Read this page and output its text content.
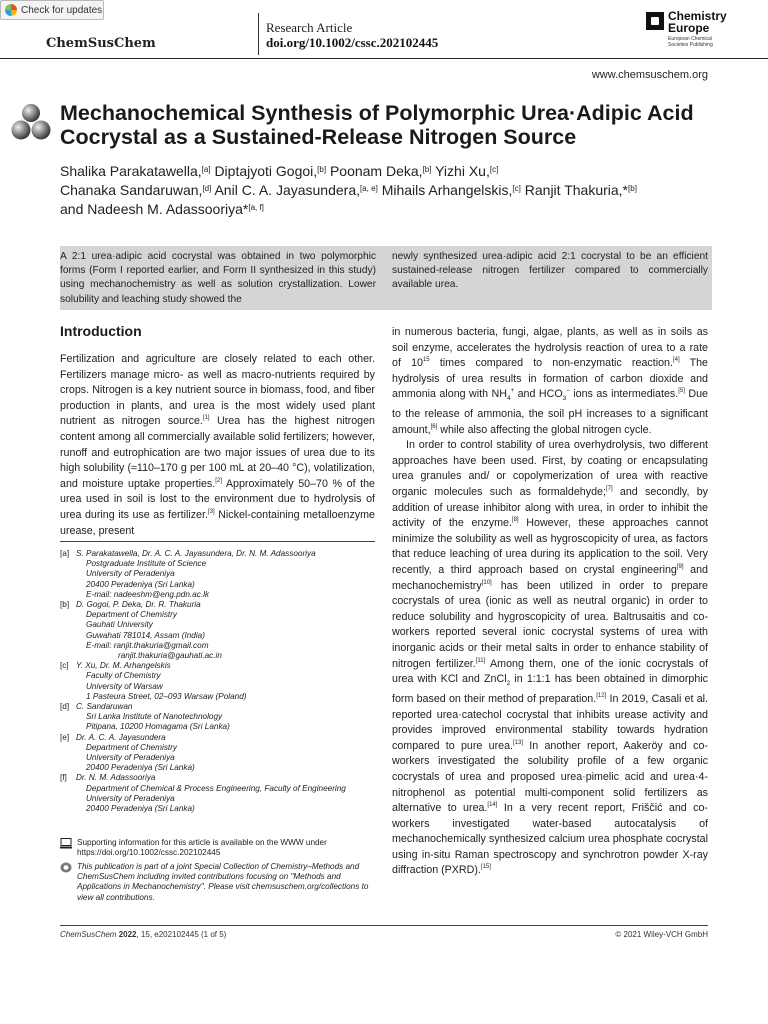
Check for updates
ChemSusChem
Research Article
doi.org/10.1002/cssc.202102445
Chemistry
Europe
European Chemical
Societies Publishing
www.chemsuschem.org
Mechanochemical Synthesis of Polymorphic Urea·Adipic Acid Cocrystal as a Sustained-Release Nitrogen Source
Shalika Parakatawella,[a] Diptajyoti Gogoi,[b] Poonam Deka,[b] Yizhi Xu,[c]
Chanaka Sandaruwan,[d] Anil C. A. Jayasundera,[a, e] Mihails Arhangelskis,[c] Ranjit Thakuria,*[b]
and Nadeesh M. Adassooriya*[a, f]

A 2:1 urea·adipic acid cocrystal was obtained in two polymorphic forms (Form I reported earlier, and Form II synthesized in this study) using mechanochemistry as well as solution crystallization. Lower solubility and leaching study showed the

newly synthesized urea·adipic acid 2:1 cocrystal to be an efficient sustained-release nitrogen fertilizer compared to commercially available urea.

Introduction

Fertilization and agriculture are closely related to each other. Fertilizers manage micro- as well as macro-nutrients required by crops. Nitrogen is a key nutrient source in biomass, food, and fiber production in plants, and urea is the most widely used plant nutrient as nitrogen source.[1] Urea has the highest nitrogen content among all commercially available solid fertilizers; however, runoff and eutrophication are two major issues of urea due to its high solubility (≈110–170 g per 100 mL at 20–40 °C), volatilization, and moisture uptake properties.[2] Approximately 50–70 % of the urea used in soil is lost to the environment due to hydrolysis of urea during its use as fertilizer.[3] Nickel-containing metalloenzyme urease, present

in numerous bacteria, fungi, algae, plants, as well as in soils as soil enzyme, accelerates the hydrolysis reaction of urea to a rate of $10^{15}$ times compared to non-enzymatic reaction.[4] The hydrolysis of urea results in formation of carbon dioxide and ammonia along with $NH_4^+$ and $HCO_3^-$ ions as intermediates.[5] Due to the release of ammonia, the soil pH increases to a significant amount,[6] while also affecting the global nitrogen cycle.

In order to control stability of urea overhydrolysis, two different approaches have been used. First, by coating or encapsulating urea granules and/ or copolymerization of urea with reactive organic molecules such as formaldehyde;[7] and secondly, by addition of urease inhibitor along with urea, in order to inhibit the activity of the enzyme.[8] However, these approaches cannot minimize the solubility as well as hygroscopicity of urea, as factors that reduce leaching of urea during its application to the soil. Very recently, a third approach based on crystal engineering[9] and mechanochemistry[10] has been utilized in order to prepare cocrystals of urea (ionic as well as neutral organic) in order to reduce solubility and hygroscopicity of urea. Baltrusaitis and co-workers reported several ionic cocrystal systems of urea with inorganic acids or their metal salts in order to enhance stability of nitrogen fertilizer.[11] Among them, one of the ionic cocrystals of urea with KCl and ZnCl$_2$ in 1:1:1 has been obtained in dimorphic form based on their method of preparation.[12] In 2019, Casali et al. reported urea·catechol cocrystal that inhibits urease activity and provides improved environmental stability towards hydration compared to pure urea.[13] In another report, Aakeröy and co-workers investigated the solubility profile of a few organic cocrystals of urea and proposed urea·pimelic acid and urea·4-nitrophenol as potential multi-component solid fertilizers as alternative to urea.[14] In a very recent report, Friščić and co-workers investigated water-based autocatalysis of mechanochemically synthesized calcium urea phosphate cocrystal using in-situ Raman spectroscopy and synchrotron powder X-ray diffraction (PXRD).[15]

[a] S. Parakatawella, Dr. A. C. A. Jayasundera, Dr. N. M. Adassooriya
Postgraduate Institute of Science
University of Peradeniya
20400 Peradeniya (Sri Lanka)
E-mail: nadeeshm@eng.pdn.ac.lk
[b] D. Gogoi, P. Deka, Dr. R. Thakuria
Department of Chemistry
Gauhati University
Guwahati 781014, Assam (India)
E-mail: ranjit.thakuria@gmail.com
ranjit.thakuria@gauhati.ac.in
[c] Y. Xu, Dr. M. Arhangelskis
Faculty of Chemistry
University of Warsaw
1 Pasteura Street, 02–093 Warsaw (Poland)
[d] C. Sandaruwan
Sri Lanka Institute of Nanotechnology
Pitipana, 10200 Homagama (Sri Lanka)
[e] Dr. A. C. A. Jayasundera
Department of Chemistry
University of Peradeniya
20400 Peradeniya (Sri Lanka)
[f]	Dr. N. M. Adassooriya
Department of Chemical & Process Engineering, Faculty of Engineering
University of Peradeniya
20400 Peradeniya (Sri Lanka)
Supporting information for this article is available on the WWW under https://doi.org/10.1002/cssc.202102445
This publication is part of a joint Special Collection of Chemistry–Methods and ChemSusChem including invited contributions focusing on "Methods and Applications in Mechanochemistry". Please visit chemsuschem.org/collections to view all contributions.
ChemSusChem 2022, 15, e202102445 (1 of 5)	© 2021 Wiley-VCH GmbH
